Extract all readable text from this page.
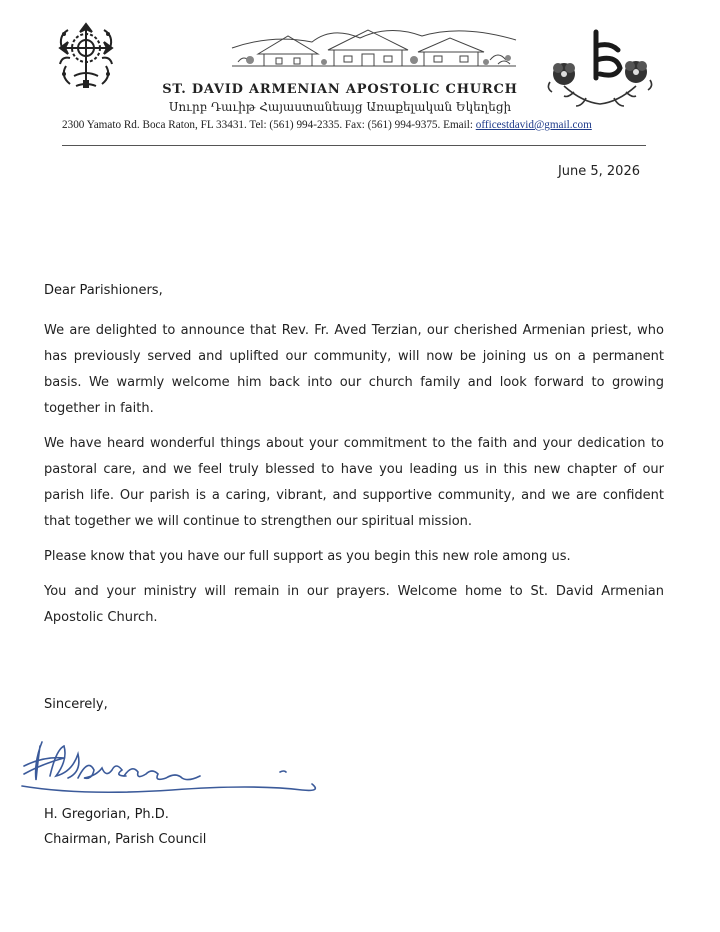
ST. DAVID ARMENIAN APOSTOLIC CHURCH
Սուրբ Դաւիթ Հայաստանեայց Առաքելական Եկեղեցի
2300 Yamato Rd. Boca Raton, FL 33431. Tel: (561) 994-2335. Fax: (561) 994-9375. Email: officestdavid@gmail.com
June 5, 2026
Dear Parishioners,

We are delighted to announce that Rev. Fr. Aved Terzian, our cherished Armenian priest, who has previously served and uplifted our community, will now be joining us on a permanent basis. We warmly welcome him back into our church family and look forward to growing together in faith.

We have heard wonderful things about your commitment to the faith and your dedication to pastoral care, and we feel truly blessed to have you leading us in this new chapter of our parish life. Our parish is a caring, vibrant, and supportive community, and we are confident that together we will continue to strengthen our spiritual mission.

Please know that you have our full support as you begin this new role among us.

You and your ministry will remain in our prayers. Welcome home to St. David Armenian Apostolic Church.

Sincerely,
H. Gregorian, Ph.D.
Chairman, Parish Council
